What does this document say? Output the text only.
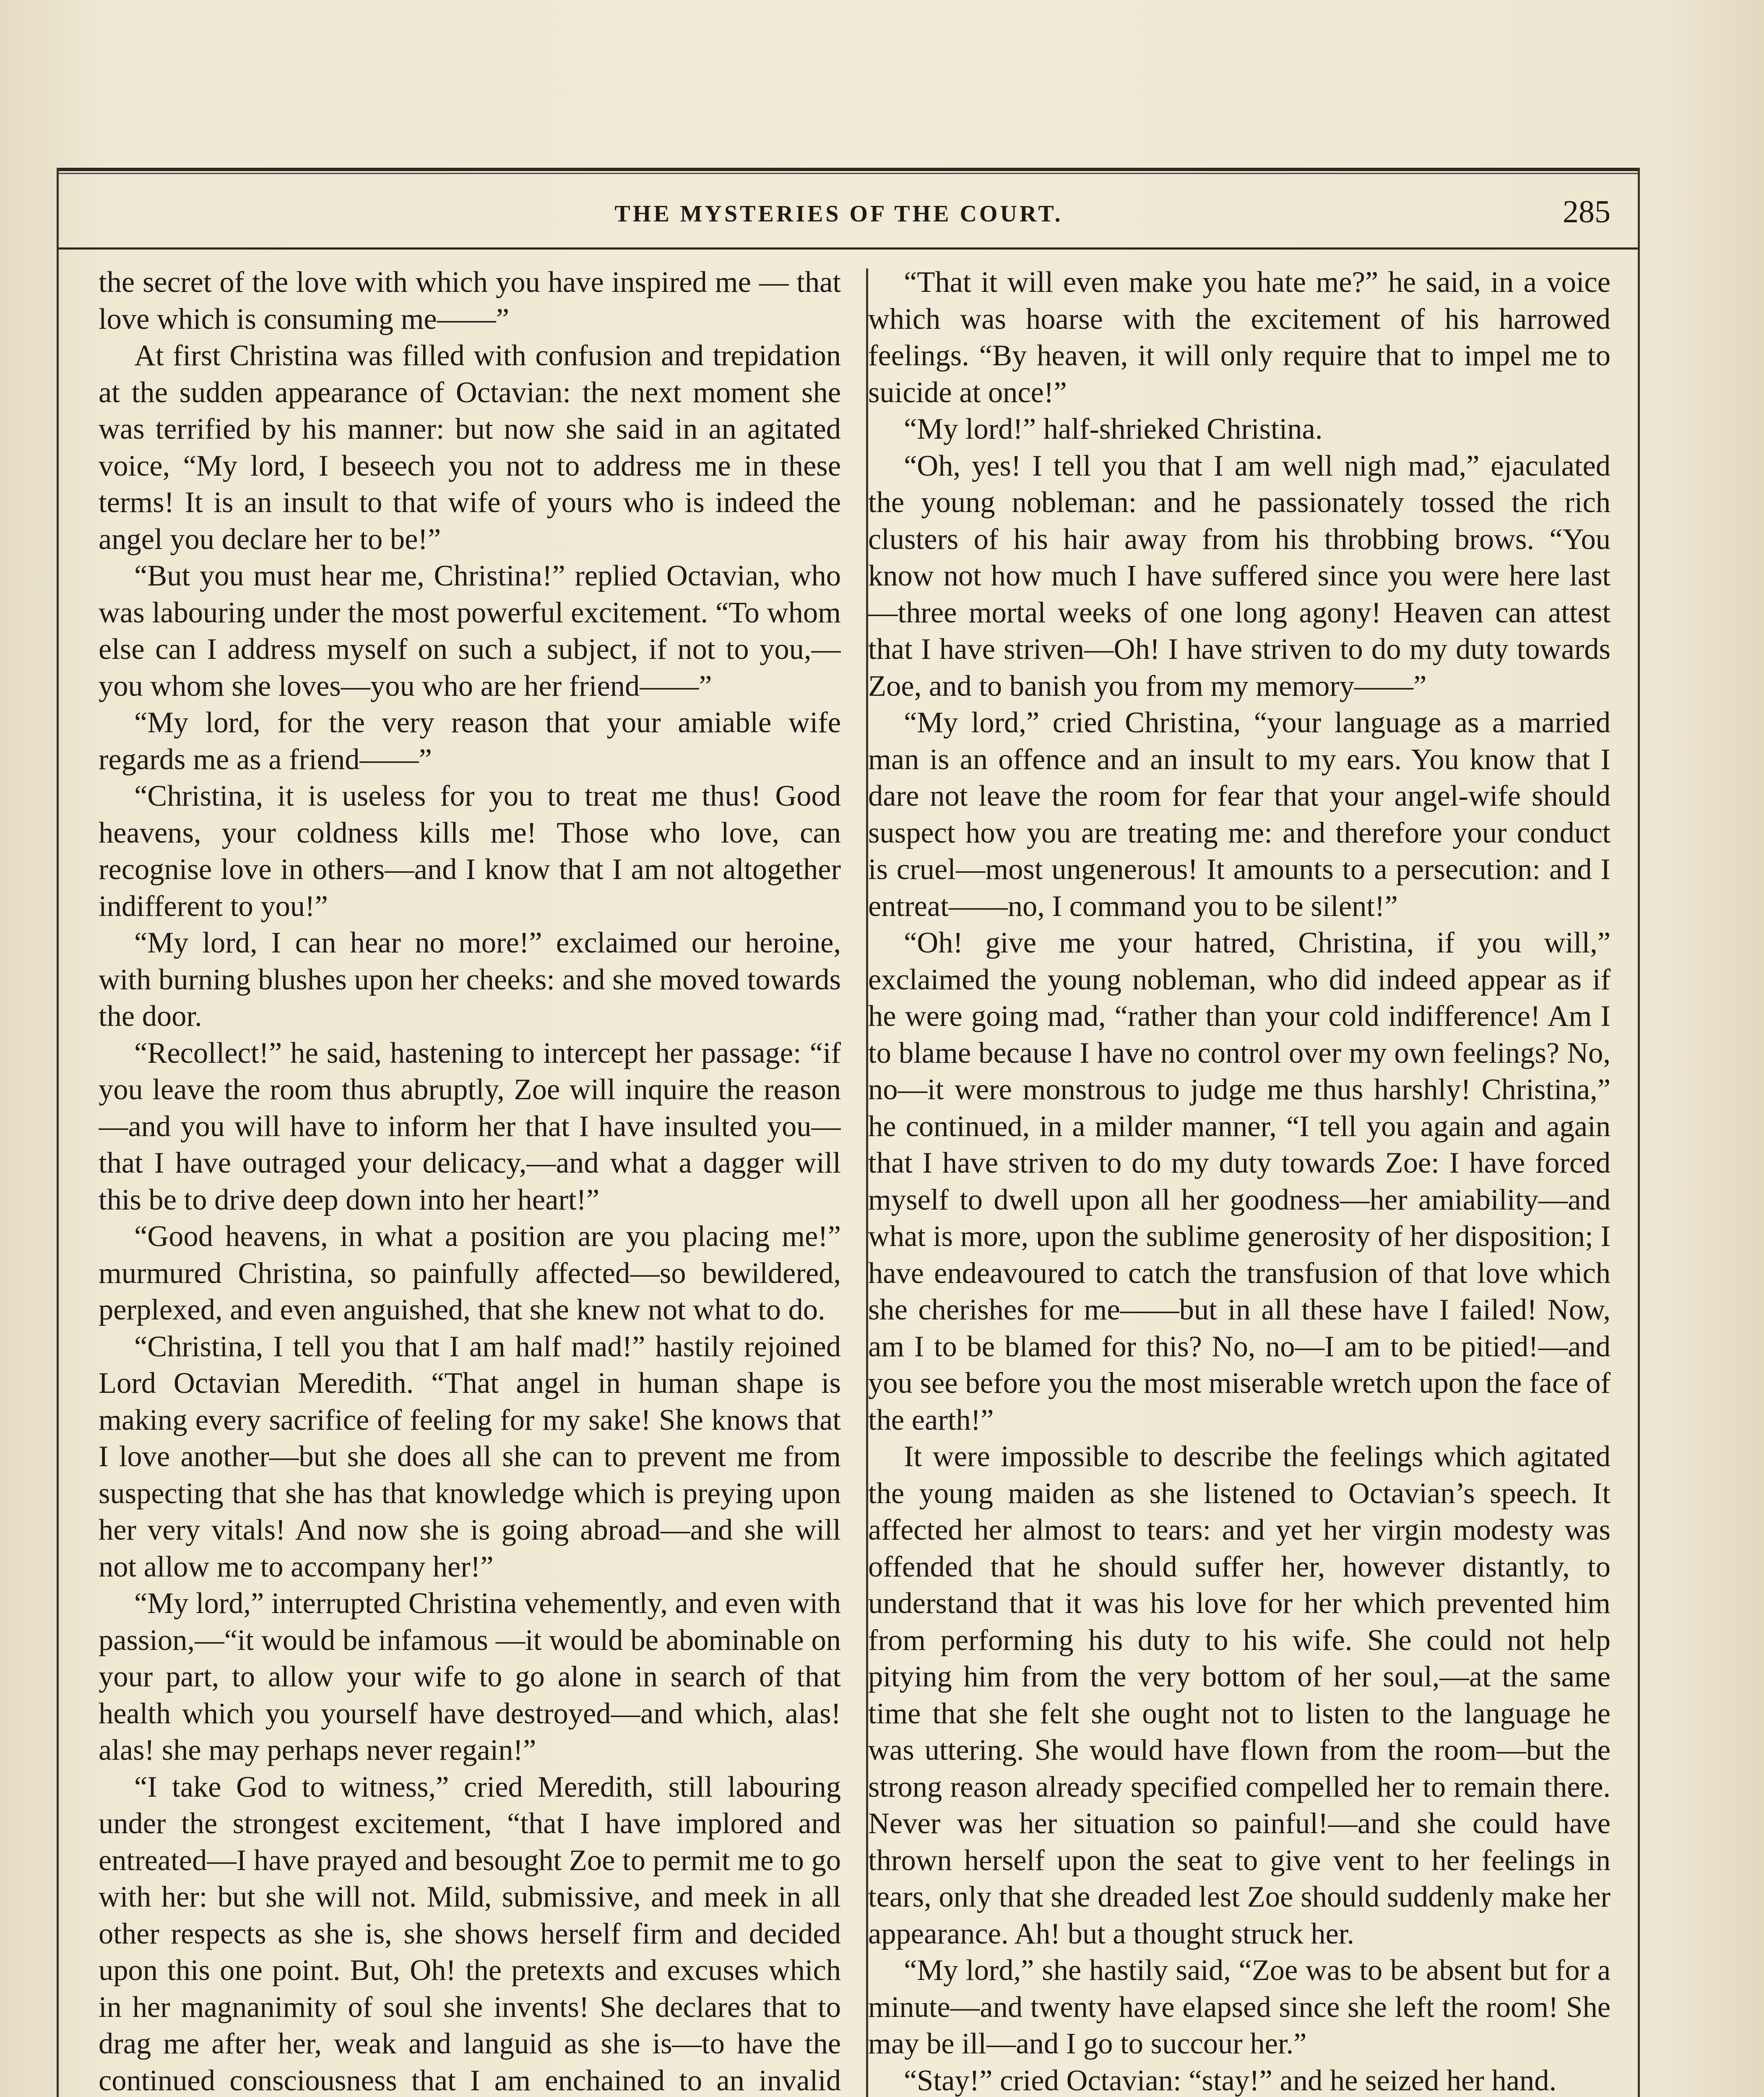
THE MYSTERIES OF THE COURT.	285

the secret of the love with which you have inspired me — that love which is consuming me——”

At first Christina was filled with confusion and trepidation at the sudden appearance of Octavian: the next moment she was terrified by his manner: but now she said in an agitated voice, “My lord, I beseech you not to address me in these terms! It is an insult to that wife of yours who is indeed the angel you declare her to be!”

“But you must hear me, Christina!” replied Octavian, who was labouring under the most powerful excitement. “To whom else can I address myself on such a subject, if not to you,—you whom she loves—you who are her friend——”

“My lord, for the very reason that your amiable wife regards me as a friend——”

“Christina, it is useless for you to treat me thus! Good heavens, your coldness kills me! Those who love, can recognise love in others—and I know that I am not altogether indifferent to you!”

“My lord, I can hear no more!” exclaimed our heroine, with burning blushes upon her cheeks: and she moved towards the door.

“Recollect!” he said, hastening to intercept her passage: “if you leave the room thus abruptly, Zoe will inquire the reason—and you will have to inform her that I have insulted you—that I have outraged your delicacy,—and what a dagger will this be to drive deep down into her heart!”

“Good heavens, in what a position are you placing me!” murmured Christina, so painfully affected—so bewildered, perplexed, and even anguished, that she knew not what to do.

“Christina, I tell you that I am half mad!” hastily rejoined Lord Octavian Meredith. “That angel in human shape is making every sacrifice of feeling for my sake! She knows that I love another—but she does all she can to prevent me from suspecting that she has that knowledge which is preying upon her very vitals! And now she is going abroad—and she will not allow me to accompany her!”

“My lord,” interrupted Christina vehemently, and even with passion,—“it would be infamous —it would be abominable on your part, to allow your wife to go alone in search of that health which you yourself have destroyed—and which, alas! alas! she may perhaps never regain!”

“I take God to witness,” cried Meredith, still labouring under the strongest excitement, “that I have implored and entreated—I have prayed and besought Zoe to permit me to go with her: but she will not. Mild, submissive, and meek in all other respects as she is, she shows herself firm and decided upon this one point. But, Oh! the pretexts and excuses which in her magnanimity of soul she invents! She declares that to drag me after her, weak and languid as she is—to have the continued consciousness that I am enchained to an invalid

“That it will even make you hate me?” he said, in a voice which was hoarse with the excitement of his harrowed feelings. “By heaven, it will only require that to impel me to suicide at once!”

“My lord!” half-shrieked Christina.

“Oh, yes! I tell you that I am well nigh mad,” ejaculated the young nobleman: and he passionately tossed the rich clusters of his hair away from his throbbing brows. “You know not how much I have suffered since you were here last—three mortal weeks of one long agony! Heaven can attest that I have striven—Oh! I have striven to do my duty towards Zoe, and to banish you from my memory——”

“My lord,” cried Christina, “your language as a married man is an offence and an insult to my ears. You know that I dare not leave the room for fear that your angel-wife should suspect how you are treating me: and therefore your conduct is cruel—most ungenerous! It amounts to a persecution: and I entreat——no, I command you to be silent!”

“Oh! give me your hatred, Christina, if you will,” exclaimed the young nobleman, who did indeed appear as if he were going mad, “rather than your cold indifference! Am I to blame because I have no control over my own feelings? No, no—it were monstrous to judge me thus harshly! Christina,” he continued, in a milder manner, “I tell you again and again that I have striven to do my duty towards Zoe: I have forced myself to dwell upon all her goodness—her amiability—and what is more, upon the sublime generosity of her disposition; I have endeavoured to catch the transfusion of that love which she cherishes for me——but in all these have I failed! Now, am I to be blamed for this? No, no—I am to be pitied!—and you see before you the most miserable wretch upon the face of the earth!”

It were impossible to describe the feelings which agitated the young maiden as she listened to Octavian’s speech. It affected her almost to tears: and yet her virgin modesty was offended that he should suffer her, however distantly, to understand that it was his love for her which prevented him from performing his duty to his wife. She could not help pitying him from the very bottom of her soul,—at the same time that she felt she ought not to listen to the language he was uttering. She would have flown from the room—but the strong reason already specified compelled her to remain there. Never was her situation so painful!—and she could have thrown herself upon the seat to give vent to her feelings in tears, only that she dreaded lest Zoe should suddenly make her appearance. Ah! but a thought struck her.

“My lord,” she hastily said, “Zoe was to be absent but for a minute—and twenty have elapsed since she left the room! She may be ill—and I go to succour her.”

“Stay!” cried Octavian: “stay!” and he seized her hand.
